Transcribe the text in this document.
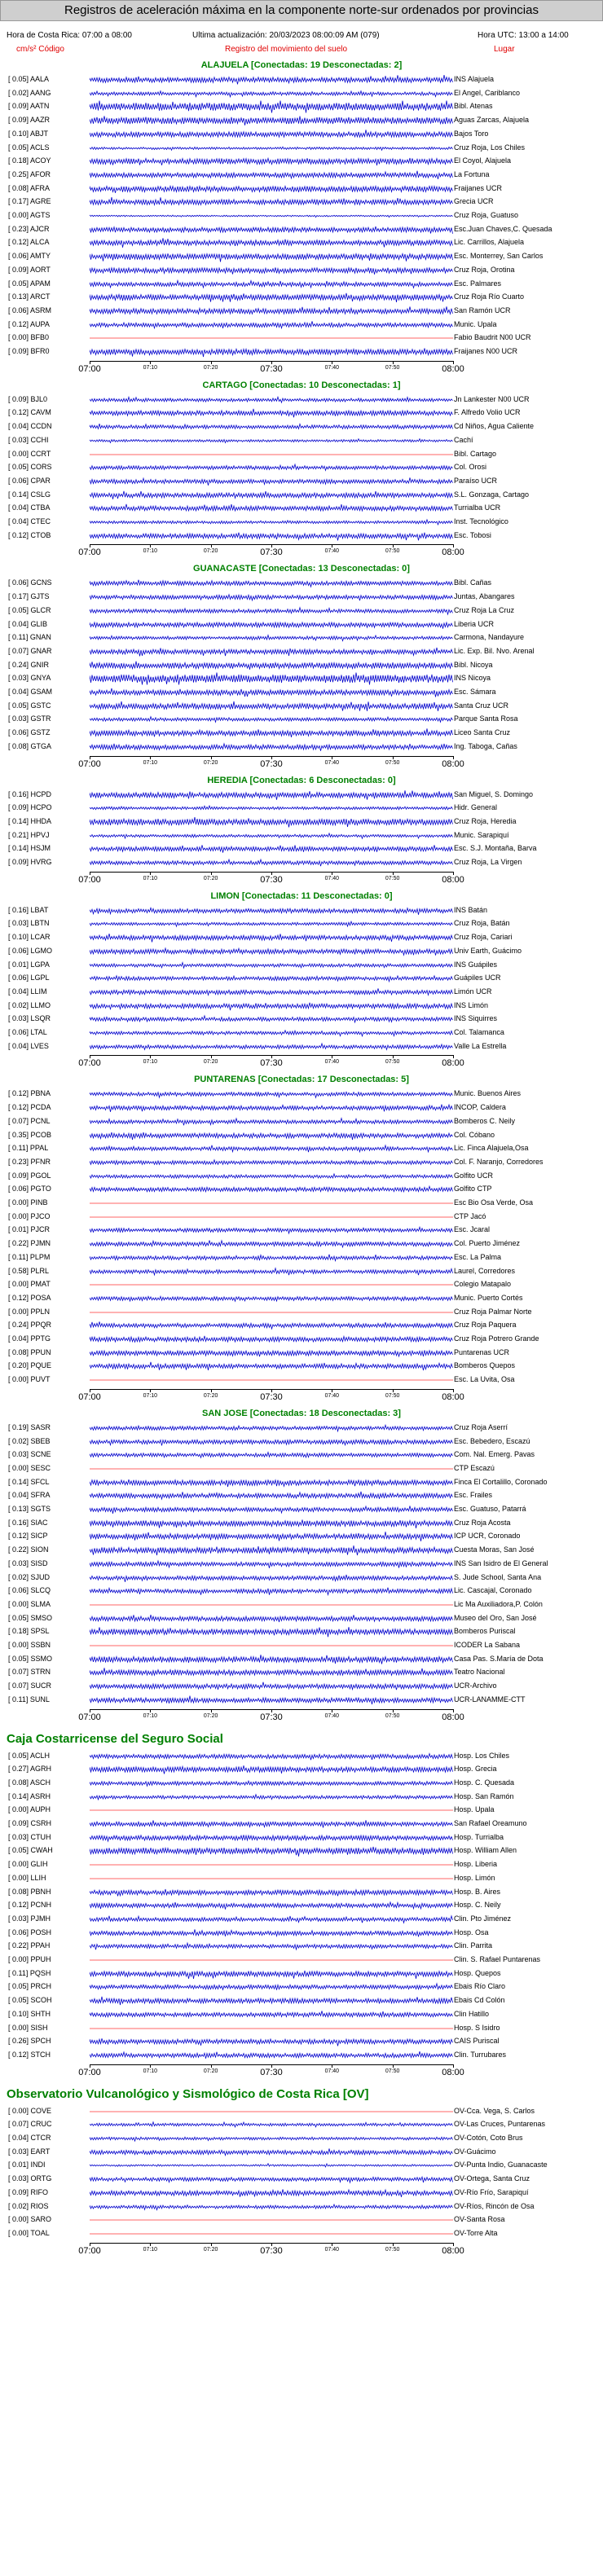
Registros de aceleración máxima en la componente norte-sur ordenados por provincias
Hora de Costa Rica: 07:00 a 08:00	Ultima actualización: 20/03/2023 08:00:09 AM (079)	Hora UTC: 13:00 a 14:00
cm/s² Código	Registro del movimiento del suelo	Lugar
ALAJUELA [Conectadas: 19 Desconectadas: 2]
[ 0.05] AALA	INS Alajuela
[ 0.02] AANG	El Angel, Cariblanco
[ 0.09] AATN	Bibl. Atenas
[ 0.09] AAZR	Aguas Zarcas, Alajuela
[ 0.10] ABJT	Bajos Toro
[ 0.05] ACLS	Cruz Roja, Los Chiles
[ 0.18] ACOY	El Coyol, Alajuela
[ 0.25] AFOR	La Fortuna
[ 0.08] AFRA	Fraijanes UCR
[ 0.17] AGRE	Grecia UCR
[ 0.00] AGTS	Cruz Roja, Guatuso
[ 0.23] AJCR	Esc.Juan Chaves,C. Quesada
[ 0.12] ALCA	Lic. Carrillos, Alajuela
[ 0.06] AMTY	Esc. Monterrey, San Carlos
[ 0.09] AORT	Cruz Roja, Orotina
[ 0.05] APAM	Esc. Palmares
[ 0.13] ARCT	Cruz Roja Río Cuarto
[ 0.06] ASRM	San Ramón UCR
[ 0.12] AUPA	Munic. Upala
[ 0.00] BFB0	Fabio Baudrit N00 UCR
[ 0.09] BFR0	Fraijanes N00 UCR
07:00	07:30	08:00
07:10	07:20	07:40	07:50
CARTAGO [Conectadas: 10 Desconectadas: 1]
[ 0.09] BJL0	Jn Lankester N00 UCR
[ 0.12] CAVM	F. Alfredo Volio UCR
[ 0.04] CCDN	Cd Niños, Agua Caliente
[ 0.03] CCHI	Cachí
[ 0.00] CCRT	Bibl. Cartago
[ 0.05] CORS	Col. Orosi
[ 0.06] CPAR	Paraíso UCR
[ 0.14] CSLG	S.L. Gonzaga, Cartago
[ 0.04] CTBA	Turrialba UCR
[ 0.04] CTEC	Inst. Tecnológico
[ 0.12] CTOB	Esc. Tobosi
07:00	07:30	08:00
07:10	07:20	07:40	07:50
GUANACASTE [Conectadas: 13 Desconectadas: 0]
[ 0.06] GCNS	Bibl. Cañas
[ 0.17] GJTS	Juntas, Abangares
[ 0.05] GLCR	Cruz Roja La Cruz
[ 0.04] GLIB	Liberia UCR
[ 0.11] GNAN	Carmona, Nandayure
[ 0.07] GNAR	Lic. Exp. Bil. Nvo. Arenal
[ 0.24] GNIR	Bibl. Nicoya
[ 0.03] GNYA	INS Nicoya
[ 0.04] GSAM	Esc. Sámara
[ 0.05] GSTC	Santa Cruz UCR
[ 0.03] GSTR	Parque Santa Rosa
[ 0.06] GSTZ	Liceo Santa Cruz
[ 0.08] GTGA	Ing. Taboga, Cañas
07:00	07:30	08:00
07:10	07:20	07:40	07:50
HEREDIA [Conectadas: 6 Desconectadas: 0]
[ 0.16] HCPD	San Miguel, S. Domingo
[ 0.09] HCPO	Hidr. General
[ 0.14] HHDA	Cruz Roja, Heredia
[ 0.21] HPVJ	Munic. Sarapiquí
[ 0.14] HSJM	Esc. S.J. Montaña, Barva
[ 0.09] HVRG	Cruz Roja, La Virgen
07:00	07:30	08:00
07:10	07:20	07:40	07:50
LIMON [Conectadas: 11 Desconectadas: 0]
[ 0.16] LBAT	INS Batán
[ 0.03] LBTN	Cruz Roja, Batán
[ 0.10] LCAR	Cruz Roja, Cariari
[ 0.06] LGMO	Univ Earth, Guácimo
[ 0.01] LGPA	INS Guápiles
[ 0.06] LGPL	Guápiles UCR
[ 0.04] LLIM	Limón UCR
[ 0.02] LLMO	INS Limón
[ 0.03] LSQR	INS Siquirres
[ 0.06] LTAL	Col. Talamanca
[ 0.04] LVES	Valle La Estrella
07:00	07:30	08:00
07:10	07:20	07:40	07:50
PUNTARENAS [Conectadas: 17 Desconectadas: 5]
[ 0.12] PBNA	Munic. Buenos Aires
[ 0.12] PCDA	INCOP, Caldera
[ 0.07] PCNL	Bomberos C. Neily
[ 0.35] PCOB	Col. Cóbano
[ 0.11] PPAL	Lic. Finca Alajuela,Osa
[ 0.23] PFNR	Col. F. Naranjo, Corredores
[ 0.09] PGOL	Golfito UCR
[ 0.06] PGTO	Golfito CTP
[ 0.00] PINB	Esc Bio Osa Verde, Osa
[ 0.00] PJCO	CTP Jacó
[ 0.01] PJCR	Esc. Jcaral
[ 0.22] PJMN	Col. Puerto Jiménez
[ 0.11] PLPM	Esc. La Palma
[ 0.58] PLRL	Laurel, Corredores
[ 0.00] PMAT	Colegio Matapalo
[ 0.12] POSA	Munic. Puerto Cortés
[ 0.00] PPLN	Cruz Roja Palmar Norte
[ 0.24] PPQR	Cruz Roja Paquera
[ 0.04] PPTG	Cruz Roja Potrero Grande
[ 0.08] PPUN	Puntarenas UCR
[ 0.20] PQUE	Bomberos Quepos
[ 0.00] PUVT	Esc. La Uvita, Osa
07:00	07:30	08:00
07:10	07:20	07:40	07:50
SAN JOSE [Conectadas: 18 Desconectadas: 3]
[ 0.19] SASR	Cruz Roja Aserrí
[ 0.02] SBEB	Esc. Bebedero, Escazú
[ 0.03] SCNE	Com. Nal. Emerg. Pavas
[ 0.00] SESC	CTP Escazú
[ 0.14] SFCL	Finca El Cortalillo, Coronado
[ 0.04] SFRA	Esc. Frailes
[ 0.13] SGTS	Esc. Guatuso, Patarrá
[ 0.16] SIAC	Cruz Roja Acosta
[ 0.12] SICP	ICP UCR, Coronado
[ 0.22] SION	Cuesta Moras, San José
[ 0.03] SISD	INS San Isidro de El General
[ 0.02] SJUD	S. Jude School, Santa Ana
[ 0.06] SLCQ	Lic. Cascajal, Coronado
[ 0.00] SLMA	Lic Ma Auxiliadora,P. Colón
[ 0.05] SMSO	Museo del Oro, San José
[ 0.18] SPSL	Bomberos Puriscal
[ 0.00] SSBN	ICODER La Sabana
[ 0.05] SSMO	Casa Pas. S.María de Dota
[ 0.07] STRN	Teatro Nacional
[ 0.07] SUCR	UCR-Archivo
[ 0.11] SUNL	UCR-LANAMME-CTT
07:00	07:30	08:00
07:10	07:20	07:40	07:50
Caja Costarricense del Seguro Social
[ 0.05] ACLH	Hosp. Los Chiles
[ 0.27] AGRH	Hosp. Grecia
[ 0.08] ASCH	Hosp. C. Quesada
[ 0.14] ASRH	Hosp. San Ramón
[ 0.00] AUPH	Hosp. Upala
[ 0.09] CSRH	San Rafael Oreamuno
[ 0.03] CTUH	Hosp. Turrialba
[ 0.05] CWAH	Hosp. William Allen
[ 0.00] GLIH	Hosp. Liberia
[ 0.00] LLIH	Hosp. Limón
[ 0.08] PBNH	Hosp. B. Aires
[ 0.12] PCNH	Hosp. C. Neily
[ 0.03] PJMH	Clin. Pto Jiménez
[ 0.06] POSH	Hosp. Osa
[ 0.22] PPAH	Clin. Parrita
[ 0.00] PPUH	Clin. S. Rafael Puntarenas
[ 0.11] PQSH	Hosp. Quepos
[ 0.05] PRCH	Ebais Río Claro
[ 0.05] SCOH	Ebais Cd Colón
[ 0.10] SHTH	Clin Hatillo
[ 0.00] SISH	Hosp. S Isidro
[ 0.26] SPCH	CAIS Puriscal
[ 0.12] STCH	Clin. Turrubares
07:00	07:30	08:00
07:10	07:20	07:40	07:50
Observatorio Vulcanológico y Sismológico de Costa Rica [OV]
[ 0.00] COVE	OV-Cca. Vega, S. Carlos
[ 0.07] CRUC	OV-Las Cruces, Puntarenas
[ 0.04] CTCR	OV-Cotón, Coto Brus
[ 0.03] EART	OV-Guácimo
[ 0.01] INDI	OV-Punta Indio, Guanacaste
[ 0.03] ORTG	OV-Ortega, Santa Cruz
[ 0.09] RIFO	OV-Río Frío, Sarapiquí
[ 0.02] RIOS	OV-Ríos, Rincón de Osa
[ 0.00] SARO	OV-Santa Rosa
[ 0.00] TOAL	OV-Torre Alta
07:00	07:30	08:00
07:10	07:20	07:40	07:50
